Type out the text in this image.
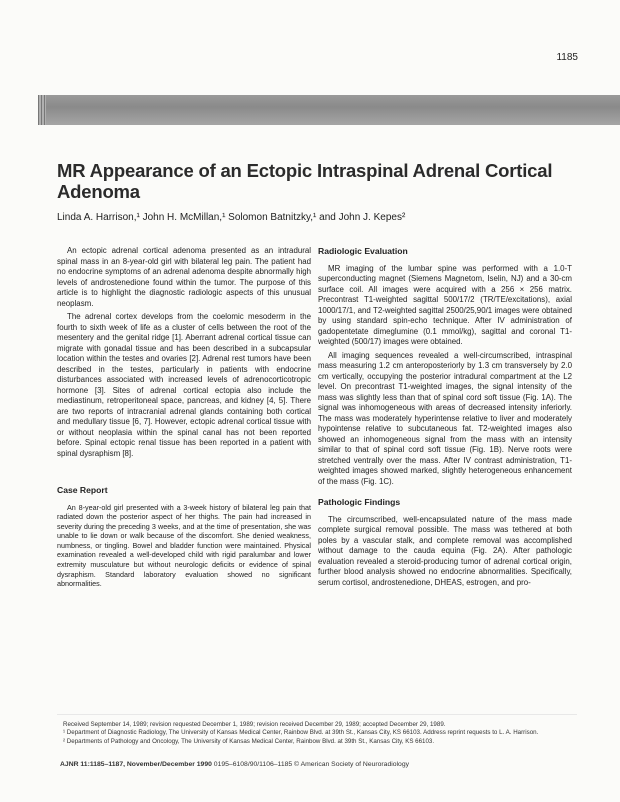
1185
MR Appearance of an Ectopic Intraspinal Adrenal Cortical Adenoma
Linda A. Harrison,¹ John H. McMillan,¹ Solomon Batnitzky,¹ and John J. Kepes²

An ectopic adrenal cortical adenoma presented as an intradural spinal mass in an 8-year-old girl with bilateral leg pain. The patient had no endocrine symptoms of an adrenal adenoma despite abnormally high levels of androstenedione found within the tumor. The purpose of this article is to highlight the diagnostic radiologic aspects of this unusual neoplasm.

The adrenal cortex develops from the coelomic mesoderm in the fourth to sixth week of life as a cluster of cells between the root of the mesentery and the genital ridge [1]. Aberrant adrenal cortical tissue can migrate with gonadal tissue and has been described in a subcapsular location within the testes and ovaries [2]. Adrenal rest tumors have been described in the testes, particularly in patients with endocrine disturbances associated with increased levels of adrenocorticotropic hormone [3]. Sites of adrenal cortical ectopia also include the mediastinum, retroperitoneal space, pancreas, and kidney [4, 5]. There are two reports of intracranial adrenal glands containing both cortical and medullary tissue [6, 7]. However, ectopic adrenal cortical tissue with or without neoplasia within the spinal canal has not been reported before. Spinal ectopic renal tissue has been reported in a patient with spinal dysraphism [8].

Case Report

An 8-year-old girl presented with a 3-week history of bilateral leg pain that radiated down the posterior aspect of her thighs. The pain had increased in severity during the preceding 3 weeks, and at the time of presentation, she was unable to lie down or walk because of the discomfort. She denied weakness, numbness, or tingling. Bowel and bladder function were maintained. Physical examination revealed a well-developed child with rigid paralumbar and lower extremity musculature but without neurologic deficits or evidence of spinal dysraphism. Standard laboratory evaluation showed no significant abnormalities.

Radiologic Evaluation

MR imaging of the lumbar spine was performed with a 1.0-T superconducting magnet (Siemens Magnetom, Iselin, NJ) and a 30-cm surface coil. All images were acquired with a 256 × 256 matrix. Precontrast T1-weighted sagittal 500/17/2 (TR/TE/excitations), axial 1000/17/1, and T2-weighted sagittal 2500/25,90/1 images were obtained by using standard spin-echo technique. After IV administration of gadopentetate dimeglumine (0.1 mmol/kg), sagittal and coronal T1-weighted (500/17) images were obtained.

All imaging sequences revealed a well-circumscribed, intraspinal mass measuring 1.2 cm anteroposteriorly by 1.3 cm transversely by 2.0 cm vertically, occupying the posterior intradural compartment at the L2 level. On precontrast T1-weighted images, the signal intensity of the mass was slightly less than that of spinal cord soft tissue (Fig. 1A). The signal was inhomogeneous with areas of decreased intensity inferiorly. The mass was moderately hyperintense relative to liver and moderately hypointense relative to subcutaneous fat. T2-weighted images also showed an inhomogeneous signal from the mass with an intensity similar to that of spinal cord soft tissue (Fig. 1B). Nerve roots were stretched ventrally over the mass. After IV contrast administration, T1-weighted images showed marked, slightly heterogeneous enhancement of the mass (Fig. 1C).

Pathologic Findings

The circumscribed, well-encapsulated nature of the mass made complete surgical removal possible. The mass was tethered at both poles by a vascular stalk, and complete removal was accomplished without damage to the cauda equina (Fig. 2A). After pathologic evaluation revealed a steroid-producing tumor of adrenal cortical origin, further blood analysis showed no endocrine abnormalities. Specifically, serum cortisol, androstenedione, DHEAS, estrogen, and pro-

Received September 14, 1989; revision requested December 1, 1989; revision received December 29, 1989; accepted December 29, 1989.
¹ Department of Diagnostic Radiology, The University of Kansas Medical Center, Rainbow Blvd. at 39th St., Kansas City, KS 66103. Address reprint requests to L. A. Harrison.
² Departments of Pathology and Oncology, The University of Kansas Medical Center, Rainbow Blvd. at 39th St., Kansas City, KS 66103.
AJNR 11:1185–1187, November/December 1990 0195–6108/90/1106–1185 © American Society of Neuroradiology
